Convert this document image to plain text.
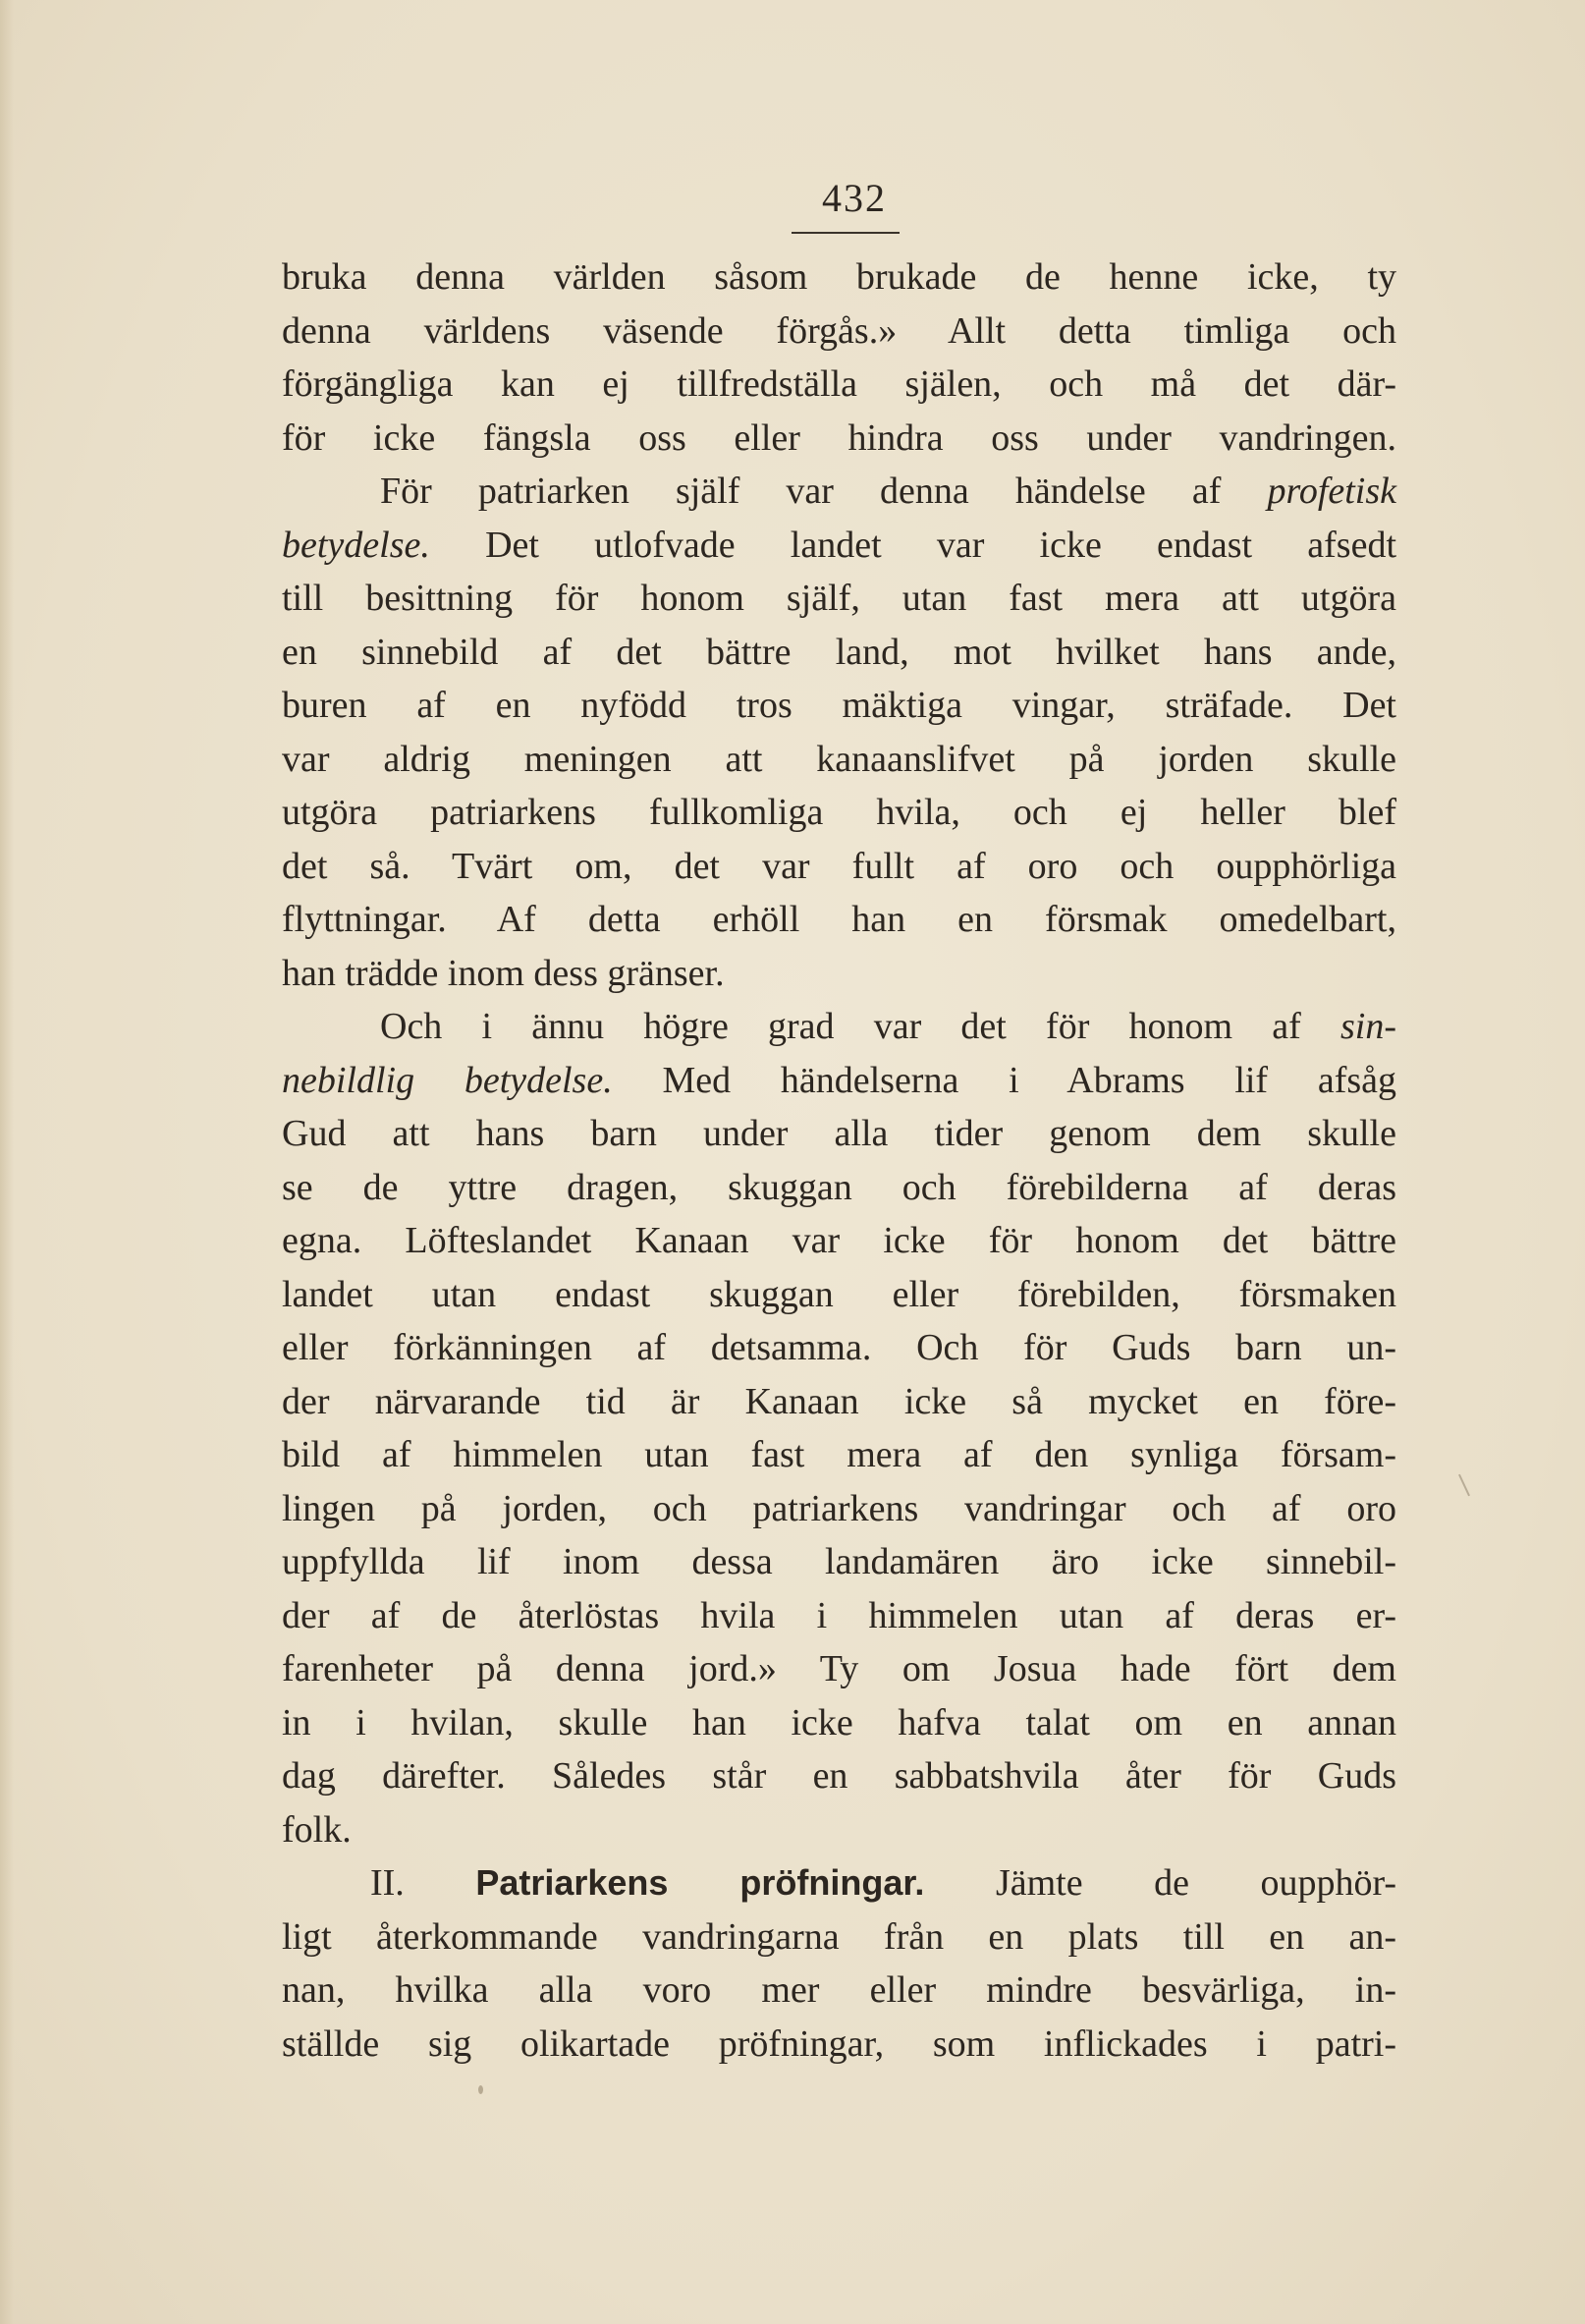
432
bruka denna världen såsom brukade de henne icke, ty
denna världens väsende förgås.» Allt detta timliga och
förgängliga kan ej tillfredställa själen, och må det där-
för icke fängsla oss eller hindra oss under vandringen.
För patriarken själf var denna händelse af profetisk
betydelse. Det utlofvade landet var icke endast afsedt
till besittning för honom själf, utan fast mera att utgöra
en sinnebild af det bättre land, mot hvilket hans ande,
buren af en nyfödd tros mäktiga vingar, sträfade. Det
var aldrig meningen att kanaanslifvet på jorden skulle
utgöra patriarkens fullkomliga hvila, och ej heller blef
det så. Tvärt om, det var fullt af oro och oupphörliga
flyttningar. Af detta erhöll han en försmak omedelbart,
han trädde inom dess gränser.
Och i ännu högre grad var det för honom af sin-
nebildlig betydelse. Med händelserna i Abrams lif afsåg
Gud att hans barn under alla tider genom dem skulle
se de yttre dragen, skuggan och förebilderna af deras
egna. Löfteslandet Kanaan var icke för honom det bättre
landet utan endast skuggan eller förebilden, försmaken
eller förkänningen af detsamma. Och för Guds barn un-
der närvarande tid är Kanaan icke så mycket en före-
bild af himmelen utan fast mera af den synliga försam-
lingen på jorden, och patriarkens vandringar och af oro
uppfyllda lif inom dessa landamären äro icke sinnebil-
der af de återlöstas hvila i himmelen utan af deras er-
farenheter på denna jord.» Ty om Josua hade fört dem
in i hvilan, skulle han icke hafva talat om en annan
dag därefter. Således står en sabbatshvila åter för Guds
folk.
II. Patriarkens pröfningar. Jämte de oupphör-
ligt återkommande vandringarna från en plats till en an-
nan, hvilka alla voro mer eller mindre besvärliga, in-
ställde sig olikartade pröfningar, som inflickades i patri-
